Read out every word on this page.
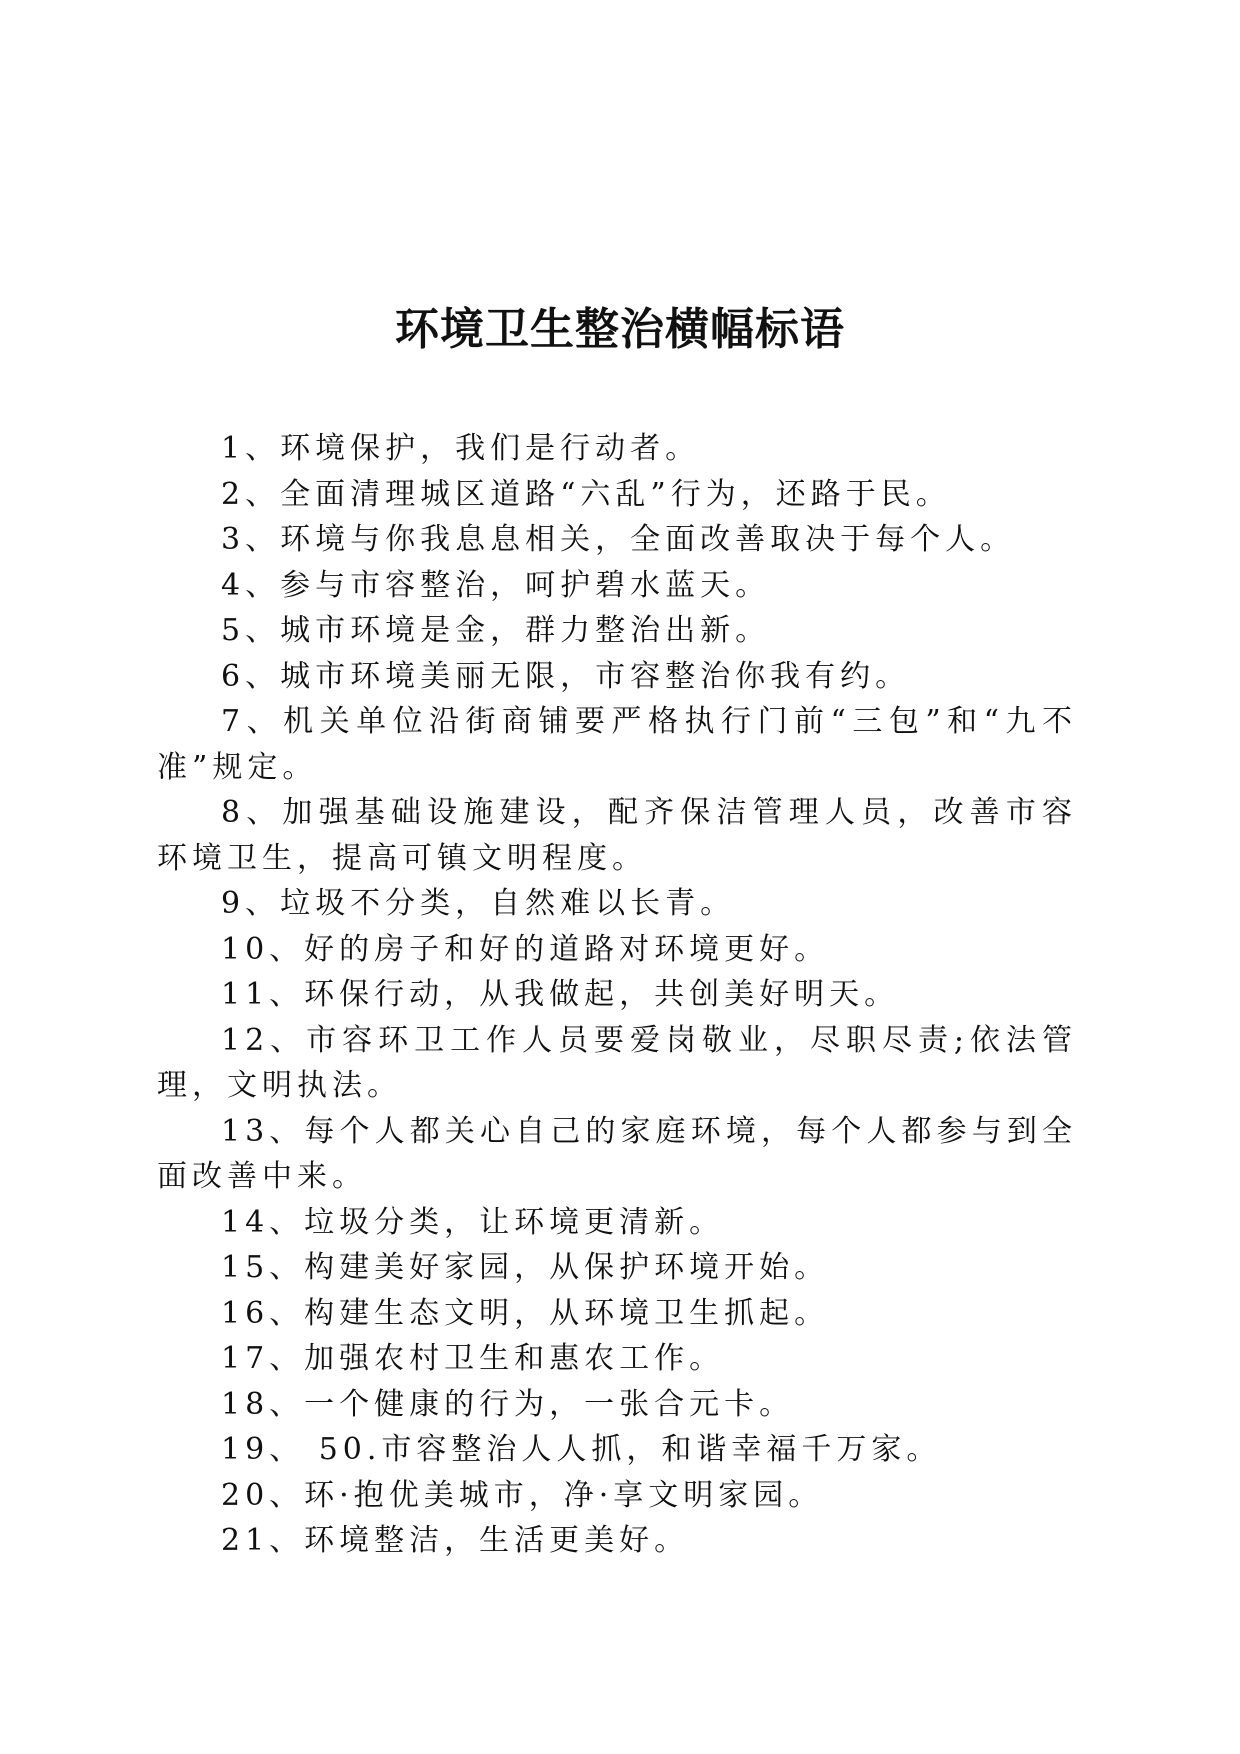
环境卫生整治横幅标语

1、环境保护，我们是行动者。

2、全面清理城区道路“六乱”行为，还路于民。

3、环境与你我息息相关，全面改善取决于每个人。

4、参与市容整治，呵护碧水蓝天。

5、城市环境是金，群力整治出新。

6、城市环境美丽无限，市容整治你我有约。

7、机关单位沿街商铺要严格执行门前“三包”和“九不准”规定。

8、加强基础设施建设，配齐保洁管理人员，改善市容环境卫生，提高可镇文明程度。

9、垃圾不分类，自然难以长青。

10、好的房子和好的道路对环境更好。

11、环保行动，从我做起，共创美好明天。

12、市容环卫工作人员要爱岗敬业，尽职尽责;依法管理，文明执法。

13、每个人都关心自己的家庭环境，每个人都参与到全面改善中来。

14、垃圾分类，让环境更清新。

15、构建美好家园，从保护环境开始。

16、构建生态文明，从环境卫生抓起。

17、加强农村卫生和惠农工作。

18、一个健康的行为，一张合元卡。

19、 50.市容整治人人抓，和谐幸福千万家。

20、环·抱优美城市，净·享文明家园。

21、环境整洁，生活更美好。
